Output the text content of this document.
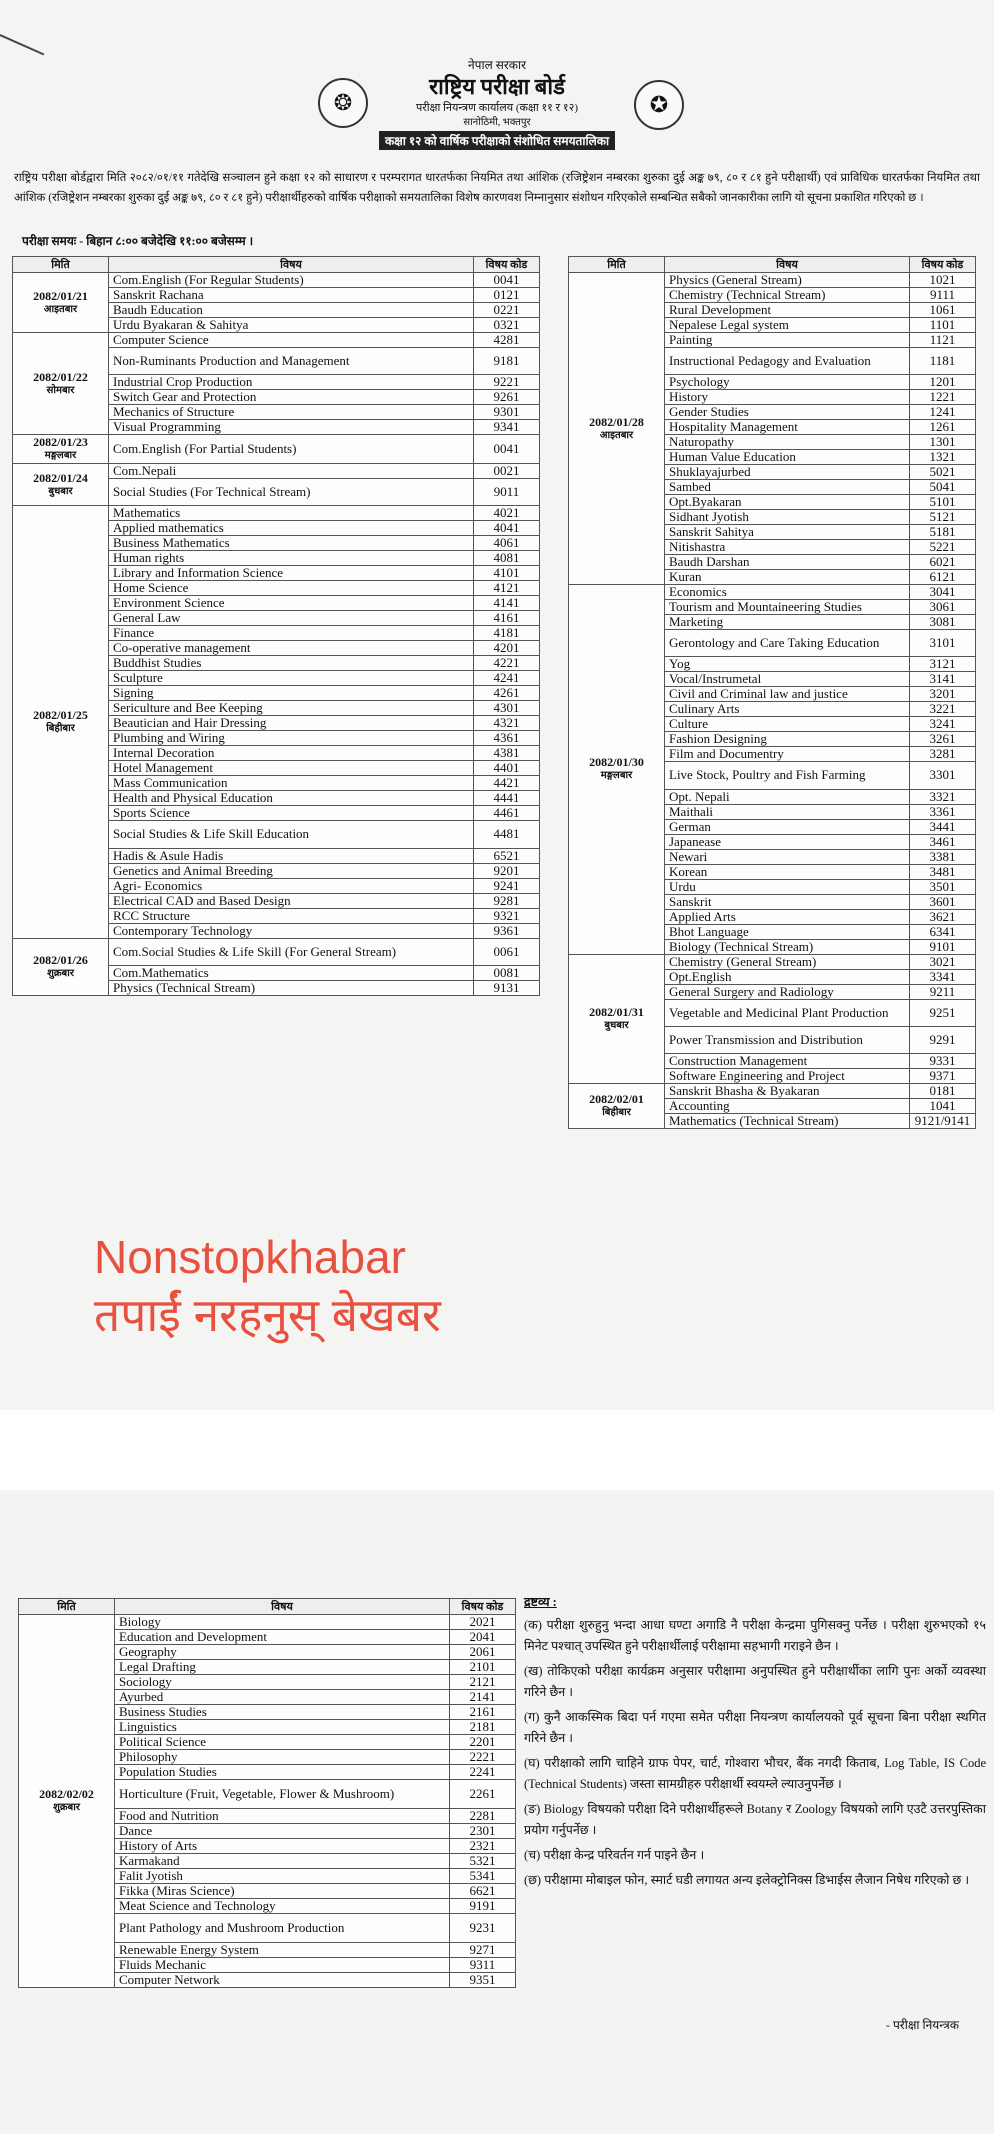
❂	✪
नेपाल सरकार
राष्ट्रिय परीक्षा बोर्ड
परीक्षा नियन्त्रण कार्यालय (कक्षा ११ र १२)
सानोठिमी, भक्तपुर
कक्षा १२ को वार्षिक परीक्षाको संशोधित समयतालिका
राष्ट्रिय परीक्षा बोर्डद्वारा मिति २०८२/०१/११ गतेदेखि सञ्चालन हुने कक्षा १२ को साधारण र परम्परागत धारतर्फका नियमित तथा आंशिक (रजिष्ट्रेशन नम्बरका शुरुका दुई अङ्क ७९, ८० र ८१ हुने परीक्षार्थी) एवं प्राविधिक धारतर्फका नियमित तथा आंशिक (रजिष्ट्रेशन नम्बरका शुरुका दुई अङ्क ७९, ८० र ८१ हुने) परीक्षार्थीहरुको वार्षिक परीक्षाको समयतालिका विशेष कारणवश निम्नानुसार संशोधन गरिएकोले सम्बन्धित सबैको जानकारीका लागि यो सूचना प्रकाशित गरिएको छ ।
परीक्षा समयः - बिहान ८:०० बजेदेखि ११:०० बजेसम्म ।
मिति	विषय	विषय कोड
2082/01/21
आइतबार	Com.English (For Regular Students)	0041
	Sanskrit Rachana	0121
	Baudh Education	0221
	Urdu Byakaran & Sahitya	0321
2082/01/22
सोमबार	Computer Science	4281
	Non-Ruminants Production and Management	9181
	Industrial Crop Production	9221
	Switch Gear and Protection	9261
	Mechanics of Structure	9301
	Visual Programming	9341
2082/01/23
मङ्गलबार	Com.English (For Partial Students)	0041
2082/01/24
बुधबार	Com.Nepali	0021
	Social Studies (For Technical Stream)	9011
2082/01/25
बिहीबार	Mathematics	4021
	Applied mathematics	4041
	Business Mathematics	4061
	Human rights	4081
	Library and Information Science	4101
	Home Science	4121
	Environment Science	4141
	General Law	4161
	Finance	4181
	Co-operative management	4201
	Buddhist Studies	4221
	Sculpture	4241
	Signing	4261
	Sericulture and Bee Keeping	4301
	Beautician and Hair Dressing	4321
	Plumbing and Wiring	4361
	Internal Decoration	4381
	Hotel Management	4401
	Mass Communication	4421
	Health and Physical Education	4441
	Sports Science	4461
	Social Studies & Life Skill Education	4481
	Hadis & Asule Hadis	6521
	Genetics and Animal Breeding	9201
	Agri- Economics	9241
	Electrical CAD and Based Design	9281
	RCC Structure	9321
	Contemporary Technology	9361
2082/01/26
शुक्रबार	Com.Social Studies & Life Skill (For General Stream)	0061
	Com.Mathematics	0081
	Physics (Technical Stream)	9131
मिति	विषय	विषय कोड
2082/01/28
आइतबार	Physics (General Stream)	1021
	Chemistry (Technical Stream)	9111
	Rural Development	1061
	Nepalese Legal system	1101
	Painting	1121
	Instructional Pedagogy and Evaluation	1181
	Psychology	1201
	History	1221
	Gender Studies	1241
	Hospitality Management	1261
	Naturopathy	1301
	Human Value Education	1321
	Shuklayajurbed	5021
	Sambed	5041
	Opt.Byakaran	5101
	Sidhant Jyotish	5121
	Sanskrit Sahitya	5181
	Nitishastra	5221
	Baudh Darshan	6021
	Kuran	6121
2082/01/30
मङ्गलबार	Economics	3041
	Tourism and Mountaineering Studies	3061
	Marketing	3081
	Gerontology and Care Taking Education	3101
	Yog	3121
	Vocal/Instrumetal	3141
	Civil and Criminal law and justice	3201
	Culinary Arts	3221
	Culture	3241
	Fashion Designing	3261
	Film and Documentry	3281
	Live Stock, Poultry and Fish Farming	3301
	Opt. Nepali	3321
	Maithali	3361
	German	3441
	Japanease	3461
	Newari	3381
	Korean	3481
	Urdu	3501
	Sanskrit	3601
	Applied Arts	3621
	Bhot Language	6341
	Biology (Technical Stream)	9101
2082/01/31
बुधबार	Chemistry (General Stream)	3021
	Opt.English	3341
	General Surgery and Radiology	9211
	Vegetable and Medicinal Plant Production	9251
	Power Transmission and Distribution	9291
	Construction Management	9331
	Software Engineering and Project	9371
2082/02/01
बिहीबार	Sanskrit Bhasha & Byakaran	0181
	Accounting	1041
	Mathematics (Technical Stream)	9121/9141
मिति	विषय	विषय कोड
2082/02/02
शुक्रबार	Biology	2021
	Education and Development	2041
	Geography	2061
	Legal Drafting	2101
	Sociology	2121
	Ayurbed	2141
	Business Studies	2161
	Linguistics	2181
	Political Science	2201
	Philosophy	2221
	Population Studies	2241
	Horticulture (Fruit, Vegetable, Flower & Mushroom)	2261
	Food and Nutrition	2281
	Dance	2301
	History of Arts	2321
	Karmakand	5321
	Falit Jyotish	5341
	Fikka (Miras Science)	6621
	Meat Science and Technology	9191
	Plant Pathology and Mushroom Production	9231
	Renewable Energy System	9271
	Fluids Mechanic	9311
	Computer Network	9351
Nonstopkhabar
तपाईं नरहनुस् बेखबर
द्रष्टव्य :
(क) परीक्षा शुरुहुनु भन्दा आधा घण्टा अगाडि नै परीक्षा केन्द्रमा पुगिसक्नु पर्नेछ । परीक्षा शुरुभएको १५ मिनेट पश्चात् उपस्थित हुने परीक्षार्थीलाई परीक्षामा सहभागी गराइने छैन ।
(ख) तोकिएको परीक्षा कार्यक्रम अनुसार परीक्षामा अनुपस्थित हुने परीक्षार्थीका लागि पुनः अर्को व्यवस्था गरिने छैन ।
(ग) कुनै आकस्मिक बिदा पर्न गएमा समेत परीक्षा नियन्त्रण कार्यालयको पूर्व सूचना बिना परीक्षा स्थगित गरिने छैन ।
(घ) परीक्षाको लागि चाहिने ग्राफ पेपर, चार्ट, गोश्वारा भौचर, बैंक नगदी किताब, Log Table, IS Code (Technical Students) जस्ता सामग्रीहरु परीक्षार्थी स्वयम्ले ल्याउनुपर्नेछ ।
(ङ) Biology विषयको परीक्षा दिने परीक्षार्थीहरूले Botany र Zoology विषयको लागि एउटै उत्तरपुस्तिका प्रयोग गर्नुपर्नेछ ।
(च) परीक्षा केन्द्र परिवर्तन गर्न पाइने छैन ।
(छ) परीक्षामा मोबाइल फोन, स्मार्ट घडी लगायत अन्य इलेक्ट्रोनिक्स डिभाईस लैजान निषेध गरिएको छ ।
- परीक्षा नियन्त्रक
